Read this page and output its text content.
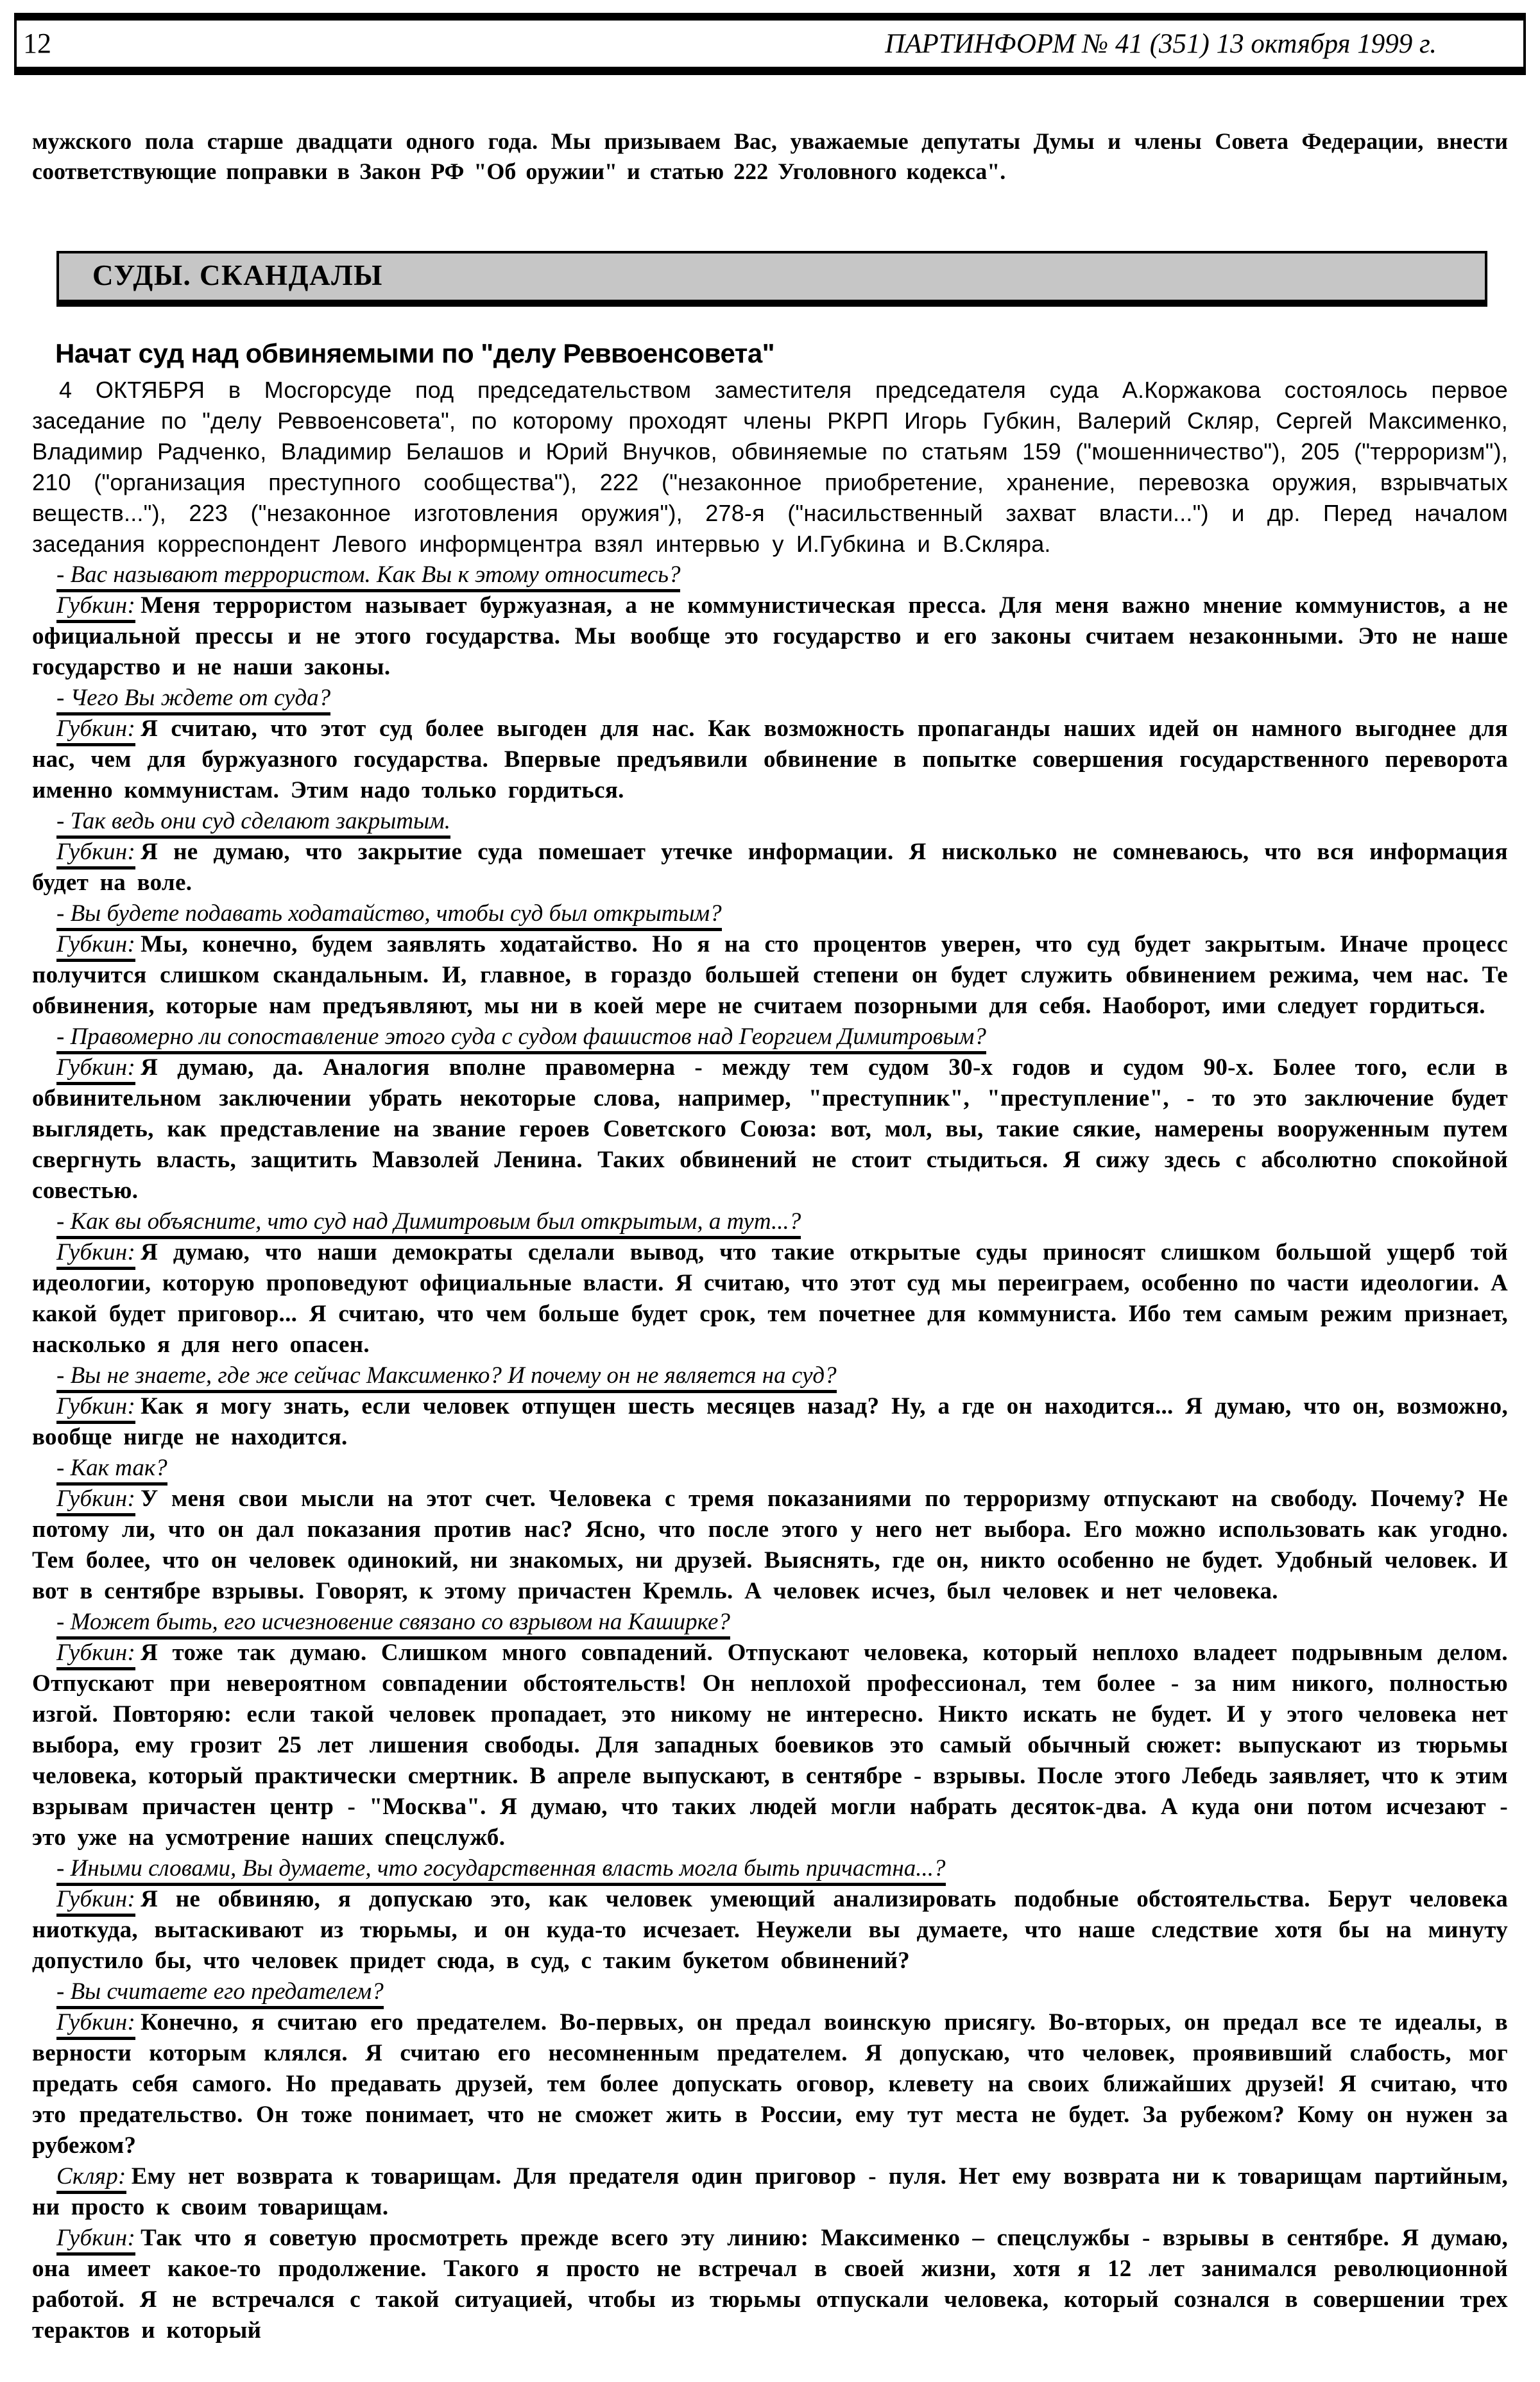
12	ПАРТИНФОРМ № 41 (351) 13 октября 1999 г.

мужского пола старше двадцати одного года. Мы призываем Вас, уважаемые депутаты Думы и члены Совета Федерации, внести соответствующие поправки в Закон РФ "Об оружии" и статью 222 Уголовного кодекса".

СУДЫ. СКАНДАЛЫ
Начат суд над обвиняемыми по "делу Реввоенсовета"

4 ОКТЯБРЯ в Мосгорсуде под председательством заместителя председателя суда А.Коржакова состоялось первое заседание по "делу Реввоенсовета", по которому проходят члены РКРП Игорь Губкин, Валерий Скляр, Сергей Максименко, Владимир Радченко, Владимир Белашов и Юрий Внучков, обвиняемые по статьям 159 ("мошенничество"), 205 ("терроризм"), 210 ("организация преступного сообщества"), 222 ("незаконное приобретение, хранение, перевозка оружия, взрывчатых веществ..."), 223 ("незаконное изготовления оружия"), 278-я ("насильственный захват власти...") и др. Перед началом заседания корреспондент Левого информцентра взял интервью у И.Губкина и В.Скляра.

- Вас называют террористом. Как Вы к этому относитесь?

Губкин: Меня террористом называет буржуазная, а не коммунистическая пресса. Для меня важно мнение коммунистов, а не официальной прессы и не этого государства. Мы вообще это государство и его законы считаем незаконными. Это не наше государство и не наши законы.

- Чего Вы ждете от суда?

Губкин: Я считаю, что этот суд более выгоден для нас. Как возможность пропаганды наших идей он намного выгоднее для нас, чем для буржуазного государства. Впервые предъявили обвинение в попытке совершения государственного переворота именно коммунистам. Этим надо только гордиться.

- Так ведь они суд сделают закрытым.

Губкин: Я не думаю, что закрытие суда помешает утечке информации. Я нисколько не сомневаюсь, что вся информация будет на воле.

- Вы будете подавать ходатайство, чтобы суд был открытым?

Губкин: Мы, конечно, будем заявлять ходатайство. Но я на сто процентов уверен, что суд будет закрытым. Иначе процесс получится слишком скандальным. И, главное, в гораздо большей степени он будет служить обвинением режима, чем нас. Те обвинения, которые нам предъявляют, мы ни в коей мере не считаем позорными для себя. Наоборот, ими следует гордиться.

- Правомерно ли сопоставление этого суда с судом фашистов над Георгием Димитровым?

Губкин: Я думаю, да. Аналогия вполне правомерна - между тем судом 30-х годов и судом 90-х. Более того, если в обвинительном заключении убрать некоторые слова, например, "преступник", "преступление", - то это заключение будет выглядеть, как представление на звание героев Советского Союза: вот, мол, вы, такие сякие, намерены вооруженным путем свергнуть власть, защитить Мавзолей Ленина. Таких обвинений не стоит стыдиться. Я сижу здесь с абсолютно спокойной совестью.

- Как вы объясните, что суд над Димитровым был открытым, а тут...?

Губкин: Я думаю, что наши демократы сделали вывод, что такие открытые суды приносят слишком большой ущерб той идеологии, которую проповедуют официальные власти. Я считаю, что этот суд мы переиграем, особенно по части идеологии. А какой будет приговор... Я считаю, что чем больше будет срок, тем почетнее для коммуниста. Ибо тем самым режим признает, насколько я для него опасен.

- Вы не знаете, где же сейчас Максименко? И почему он не является на суд?

Губкин: Как я могу знать, если человек отпущен шесть месяцев назад? Ну, а где он находится... Я думаю, что он, возможно, вообще нигде не находится.

- Как так?

Губкин: У меня свои мысли на этот счет. Человека с тремя показаниями по терроризму отпускают на свободу. Почему? Не потому ли, что он дал показания против нас? Ясно, что после этого у него нет выбора. Его можно использовать как угодно. Тем более, что он человек одинокий, ни знакомых, ни друзей. Выяснять, где он, никто особенно не будет. Удобный человек. И вот в сентябре взрывы. Говорят, к этому причастен Кремль. А человек исчез, был человек и нет человека.

- Может быть, его исчезновение связано со взрывом на Каширке?

Губкин: Я тоже так думаю. Слишком много совпадений. Отпускают человека, который неплохо владеет подрывным делом. Отпускают при невероятном совпадении обстоятельств! Он неплохой профессионал, тем более - за ним никого, полностью изгой. Повторяю: если такой человек пропадает, это никому не интересно. Никто искать не будет. И у этого человека нет выбора, ему грозит 25 лет лишения свободы. Для западных боевиков это самый обычный сюжет: выпускают из тюрьмы человека, который практически смертник. В апреле выпускают, в сентябре - взрывы. После этого Лебедь заявляет, что к этим взрывам причастен центр - "Москва". Я думаю, что таких людей могли набрать десяток-два. А куда они потом исчезают - это уже на усмотрение наших спецслужб.

- Иными словами, Вы думаете, что государственная власть могла быть причастна...?

Губкин: Я не обвиняю, я допускаю это, как человек умеющий анализировать подобные обстоятельства. Берут человека ниоткуда, вытаскивают из тюрьмы, и он куда-то исчезает. Неужели вы думаете, что наше следствие хотя бы на минуту допустило бы, что человек придет сюда, в суд, с таким букетом обвинений?

- Вы считаете его предателем?

Губкин: Конечно, я считаю его предателем. Во-первых, он предал воинскую присягу. Во-вторых, он предал все те идеалы, в верности которым клялся. Я считаю его несомненным предателем. Я допускаю, что человек, проявивший слабость, мог предать себя самого. Но предавать друзей, тем более допускать оговор, клевету на своих ближайших друзей! Я считаю, что это предательство. Он тоже понимает, что не сможет жить в России, ему тут места не будет. За рубежом? Кому он нужен за рубежом?

Скляр: Ему нет возврата к товарищам. Для предателя один приговор - пуля. Нет ему возврата ни к товарищам партийным, ни просто к своим товарищам.

Губкин: Так что я советую просмотреть прежде всего эту линию: Максименко – спецслужбы - взрывы в сентябре. Я думаю, она имеет какое-то продолжение. Такого я просто не встречал в своей жизни, хотя я 12 лет занимался революционной работой. Я не встречался с такой ситуацией, чтобы из тюрьмы отпускали человека, который сознался в совершении трех терактов и который
